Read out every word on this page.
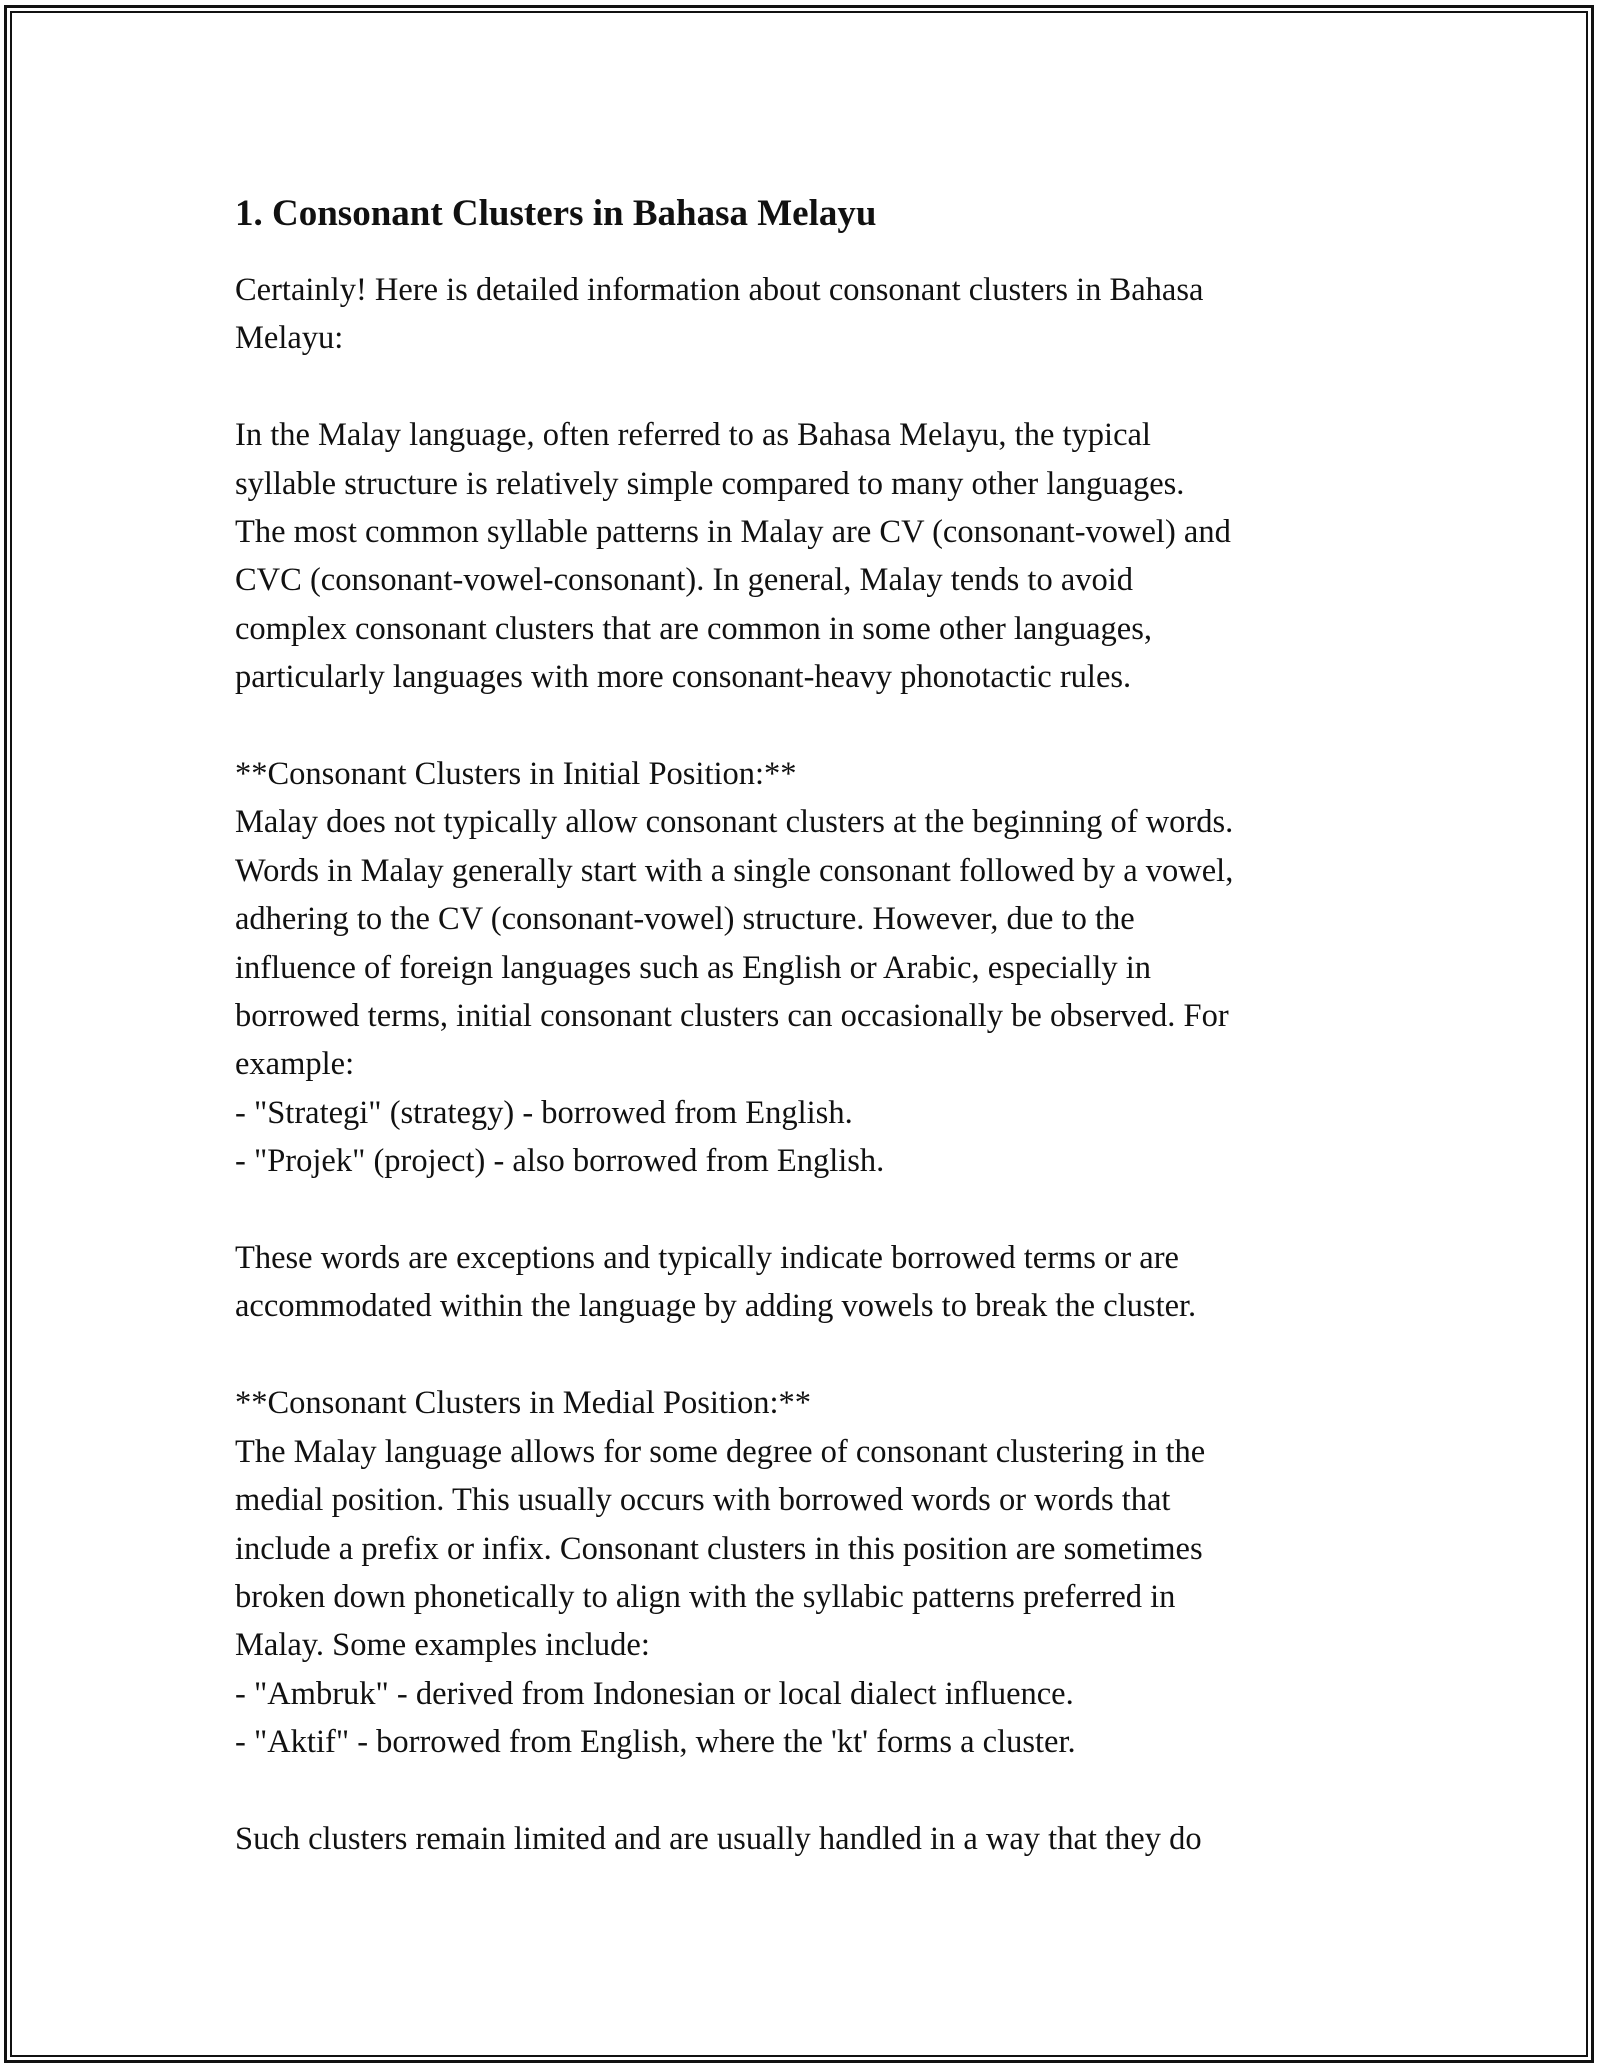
1. Consonant Clusters in Bahasa Melayu
Certainly! Here is detailed information about consonant clusters in Bahasa
Melayu:
In the Malay language, often referred to as Bahasa Melayu, the typical
syllable structure is relatively simple compared to many other languages.
The most common syllable patterns in Malay are CV (consonant-vowel) and
CVC (consonant-vowel-consonant). In general, Malay tends to avoid
complex consonant clusters that are common in some other languages,
particularly languages with more consonant-heavy phonotactic rules.
**Consonant Clusters in Initial Position:**
Malay does not typically allow consonant clusters at the beginning of words.
Words in Malay generally start with a single consonant followed by a vowel,
adhering to the CV (consonant-vowel) structure. However, due to the
influence of foreign languages such as English or Arabic, especially in
borrowed terms, initial consonant clusters can occasionally be observed. For
example:
- "Strategi" (strategy) - borrowed from English.
- "Projek" (project) - also borrowed from English.
These words are exceptions and typically indicate borrowed terms or are
accommodated within the language by adding vowels to break the cluster.
**Consonant Clusters in Medial Position:**
The Malay language allows for some degree of consonant clustering in the
medial position. This usually occurs with borrowed words or words that
include a prefix or infix. Consonant clusters in this position are sometimes
broken down phonetically to align with the syllabic patterns preferred in
Malay. Some examples include:
- "Ambruk" - derived from Indonesian or local dialect influence.
- "Aktif" - borrowed from English, where the 'kt' forms a cluster.
Such clusters remain limited and are usually handled in a way that they do
